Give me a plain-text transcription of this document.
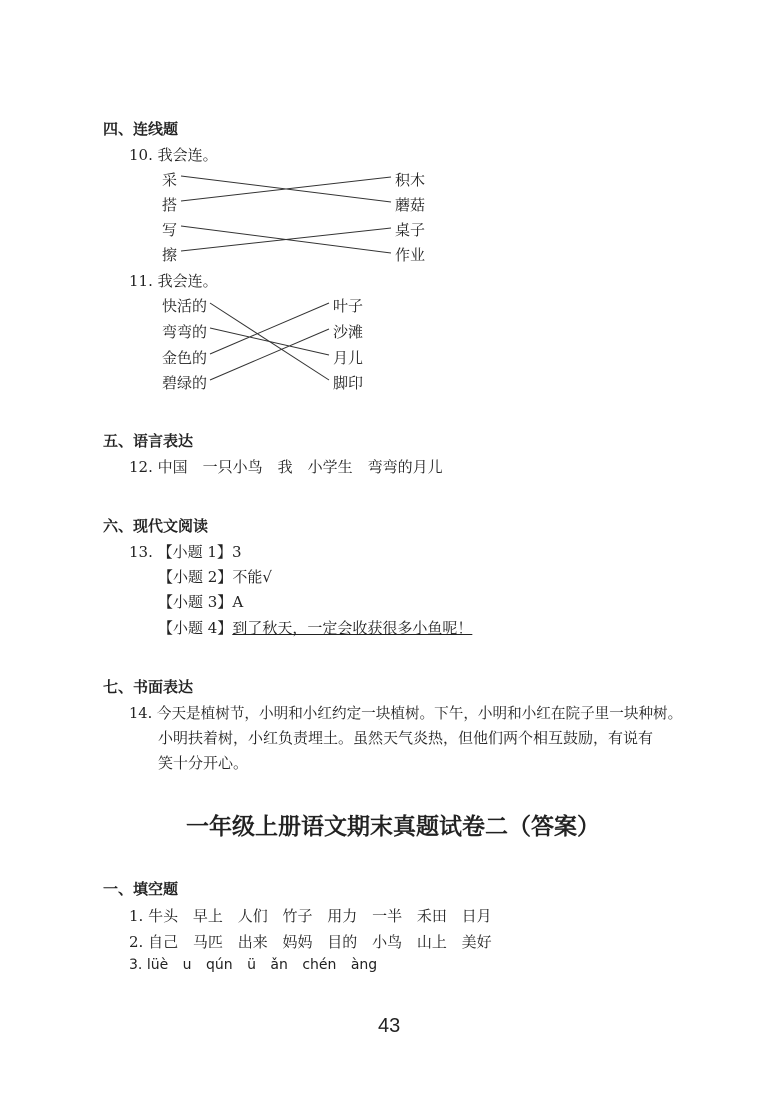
四、连线题
10. 我会连。
采
搭
写
擦
积木
蘑菇
桌子
作业
11. 我会连。
快活的
弯弯的
金色的
碧绿的
叶子
沙滩
月儿
脚印
五、语言表达
12. 中国　一只小鸟　我　小学生　弯弯的月儿
六、现代文阅读
13. 【小题 1】3
【小题 2】不能√
【小题 3】A
【小题 4】到了秋天，一定会收获很多小鱼呢！
七、书面表达
14. 今天是植树节，小明和小红约定一块植树。下午，小明和小红在院子里一块种树。
小明扶着树，小红负责埋土。虽然天气炎热，但他们两个相互鼓励，有说有
笑十分开心。
一年级上册语文期末真题试卷二（答案）
一、填空题
1. 牛头 早上 人们 竹子 用力 一半 禾田 日月
2. 自己 马匹 出来 妈妈 目的 小鸟 山上 美好
3. lüè u qún ü ǎn chén àng
43
